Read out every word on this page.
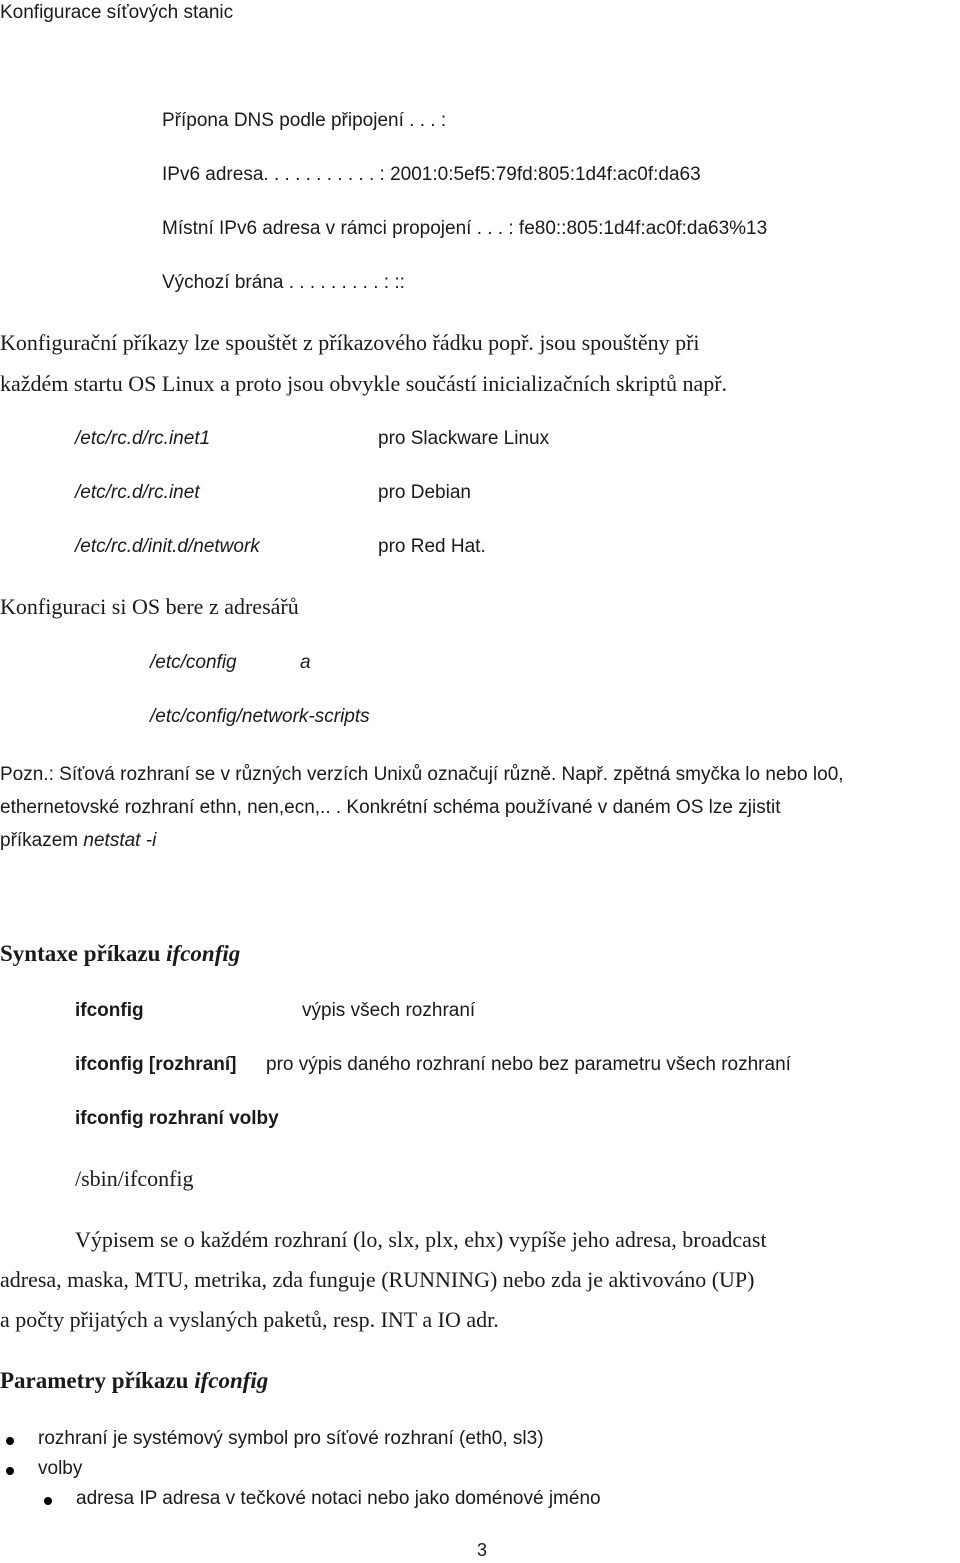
Konfigurace síťových stanic
Přípona DNS podle připojení . . . :
IPv6 adresa. . . . . . . . . . . : 2001:0:5ef5:79fd:805:1d4f:ac0f:da63
Místní IPv6 adresa v rámci propojení . . . : fe80::805:1d4f:ac0f:da63%13
Výchozí brána . . . . . . . . . : ::
Konfigurační příkazy lze spouštět z příkazového řádku popř. jsou spouštěny při
každém startu OS Linux a proto jsou obvykle součástí inicializačních skriptů např.
/etc/rc.d/rc.inet1	pro Slackware Linux
/etc/rc.d/rc.inet	pro Debian
/etc/rc.d/init.d/network	pro Red Hat.
Konfiguraci si OS bere z adresářů
/etc/config	a
/etc/config/network-scripts
Pozn.: Síťová rozhraní se v různých verzích Unixů označují různě. Např. zpětná smyčka lo nebo lo0,
ethernetovské rozhraní ethn, nen,ecn,.. . Konkrétní schéma používané v daném OS lze zjistit
příkazem netstat -i
Syntaxe příkazu ifconfig
ifconfig	výpis všech rozhraní
ifconfig [rozhraní] pro výpis daného rozhraní nebo bez parametru všech rozhraní
ifconfig rozhraní volby
/sbin/ifconfig
Výpisem se o každém rozhraní (lo, slx, plx, ehx) vypíše jeho adresa, broadcast
adresa, maska, MTU, metrika, zda funguje (RUNNING) nebo zda je aktivováno (UP)
a počty přijatých a vyslaných paketů, resp. INT a IO adr.
Parametry příkazu ifconfig
rozhraní je systémový symbol pro síťové rozhraní (eth0, sl3)
volby
adresa IP adresa v tečkové notaci nebo jako doménové jméno
3
